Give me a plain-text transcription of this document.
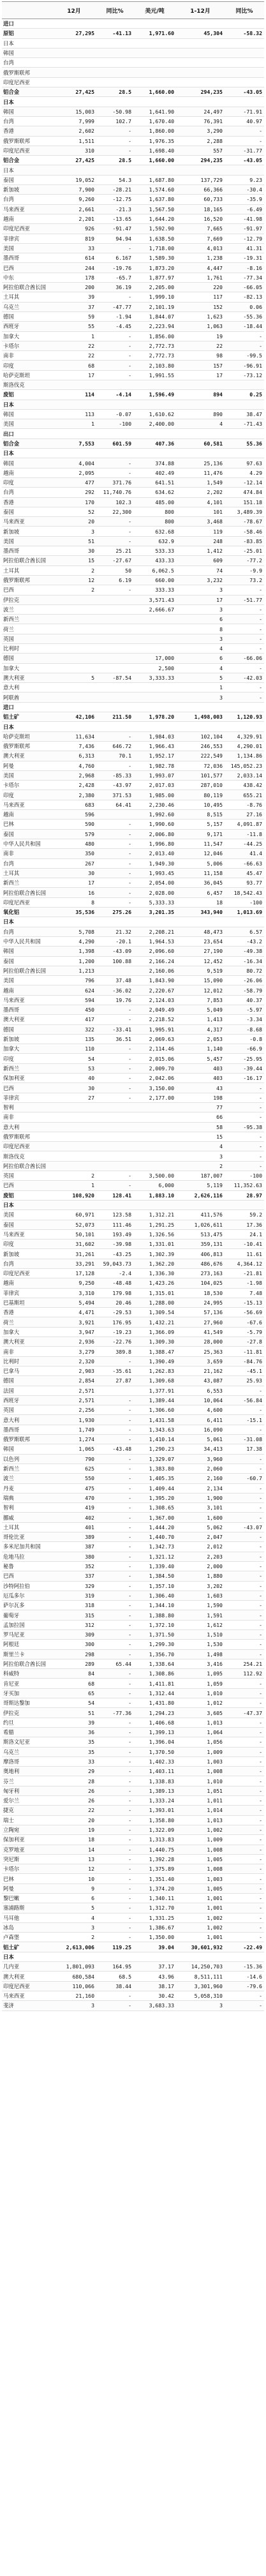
	12月	同比%	美元/吨	1-12月	同比%
进口					
原铝	27,295	-41.13	1,971.60	45,304	-58.32
日本					
韩国					
台湾					
俄罗斯联邦					
印度尼西亚					
铝合金	27,425	28.5	1,660.00	294,235	-43.05
日本					
韩国	15,003	-50.98	1,641.90	24,497	-71.91
台湾	7,999	102.7	1,670.40	76,391	40.97
香港	2,602	-	1,860.00	3,290	-
俄罗斯联邦	1,511	-	1,976.35	2,288	-
印度尼西亚	310	-	1,698.40	557	-31.77
铝合金	27,425	28.5	1,660.00	294,235	-43.05
日本					
泰国	19,052	54.3	1,687.80	137,729	9.23
新加坡	7,900	-28.21	1,574.60	66,366	-30.4
台湾	9,260	-12.75	1,637.80	60,733	-35.9
马来西亚	2,661	-21.3	1,567.50	18,165	-6.49
越南	2,201	-13.65	1,644.20	16,520	-41.98
印度尼西亚	926	-91.47	1,592.90	7,665	-91.97
菲律宾	819	94.94	1,638.50	7,669	-12.79
美国	33	-	1,718.00	4,013	41.31
墨西哥	614	6.167	1,589.30	1,238	-19.31
巴西	244	-19.76	1,873.20	4,447	-8.16
中东	178	-65.7	1,877.97	1,761	-77.34
阿拉伯联合酋长国	200	36.19	2,205.00	220	-66.05
土耳其	39	-	1,999.10	117	-82.13
乌克兰	37	-47.77	2,101.19	152	0.06
德国	59	-1.94	1,844.07	1,623	-55.36
西班牙	55	-4.45	2,223.94	1,063	-18.44
加拿大	1	-	1,856.00	19	-
卡塔尔	22	-	2,772.73	22	-
南非	22	-	2,772.73	98	-99.5
印度	68	-	2,103.80	157	-96.91
哈萨克斯坦	17	-	1,991.55	17	-73.12
斯洛伐克					
废铝	114	-4.14	1,596.49	894	0.25
日本					
韩国	113	-0.07	1,610.62	890	38.47
美国	1	-100	2,400.00	4	-71.43
出口					
铝合金	7,553	601.59	407.36	60,581	55.36
日本					
韩国	4,004	-	374.88	25,136	97.63
越南	2,095	-	402.49	11,476	4.29
印度	477	371.76	641.51	1,549	-12.14
台湾	292	11,740.76	634.62	2,202	474.84
香港	170	102.3	485.00	4,101	151.18
泰国	52	22,300	800	101	3,489.39
马来西亚	20	-	800	3,468	-78.67
新加坡	3	-	632.68	119	-58.46
美国	51	-	632.9	248	-83.85
墨西哥	30	25.21	533.33	1,412	-25.01
阿拉伯联合酋长国	15	-27.67	433.33	609	-77.2
土耳其	2	50	6,062.5	74	-9.9
俄罗斯联邦	12	6.19	660.00	3,232	73.2
巴西	2	-	333.33	3	-
伊拉克			3,571.43	17	-51.77
波兰			2,666.67	3	-
新西兰				6	-
荷兰				8	-
英国				3	-
比利时				4	-
德国			17,000	6	-66.06
加拿大			2,500	4	-
澳大利亚	5	-87.54	3,333.33	5	-42.03
意大利				1	-
阿联酋				3	-
进口					
铝土矿	42,106	211.50	1,978.20	1,498,003	1,120.93
日本					
哈萨克斯坦	11,634	-	1,984.03	102,104	4,329.91
俄罗斯联邦	7,436	646.72	1,966.43	246,553	4,290.01
澳大利亚	6,313	70.1	1,952.17	222,549	1,134.86
阿曼	4,760	-	1,982.78	72,036	145,052.23
美国	2,968	-85.33	1,993.07	101,577	2,033.14
卡塔尔	2,428	-43.97	2,017.03	287,010	438.42
印度	2,380	371.53	1,985.00	80,119	655.21
马来西亚	683	64.41	2,230.46	10,495	-8.76
越南	596		1,992.60	8,515	27.16
巴林	590	-	1,990.60	5,157	4,091.87
泰国	579	-	2,006.80	9,171	-11.8
中华人民共和国	480	-	1,996.80	11,547	-44.25
南非	350	-	2,013.40	12,046	41.4
台湾	267	-	1,949.30	5,006	-66.63
土耳其	30	-	1,993.45	11,158	45.47
新西兰	17	-	2,054.00	36,045	93.77
阿拉伯联合酋长国	16	-	2,028.00	6,457	18,542.43
印度尼西亚	8	-	5,333.33	18	-100
氧化铝	35,536	275.26	3,201.35	343,940	1,013.69
日本					
台湾	5,708	21.32	2,208.21	48,473	6.57
中华人民共和国	4,290	-20.1	1,964.53	23,654	-43.2
韩国	1,398	-43.09	2,096.60	27,190	-49.38
泰国	1,200	100.88	2,166.24	12,452	-16.34
阿拉伯联合酋长国	1,213		2,160.06	9,519	80.72
美国	796	37.48	1,843.90	15,090	-26.06
越南	624	-36.02	2,220.67	12,012	-58.79
马来西亚	594	19.76	2,124.03	7,853	40.37
墨西哥	450	-	2,049.49	5,049	-5.97
澳大利亚	417	-	2,218.52	1,413	-3.34
德国	322	-33.41	1,995.91	4,317	-8.68
新加坡	135	36.51	2,069.63	2,053	-0.8
加拿大	110	-	2,114.46	1,140	-66.9
印度	54	-	2,015.06	5,457	-25.95
新西兰	53	-	2,009.70	403	-39.44
保加利亚	40	-	2,042.06	403	-16.17
巴西	30	-	3,150.00	43	-
菲律宾	27	-	2,177.00	198	-
智利				77	-
南非				66	-
意大利				58	-95.38
俄罗斯联邦				15	-
印度尼西亚				4	-
斯洛伐克				3	-
阿拉伯联合酋长国				2	-
英国	2	-	3,500.00	187,007	-100
巴西	1	-	6,000	5,119	11,352.63
废铝	108,920	128.41	1,883.10	2,626,116	28.97
日本					
美国	60,971	123.58	1,312.21	411,576	59.2
泰国	52,073	111.46	1,291.25	1,026,611	17.36
马来西亚	50,101	193.49	1,326.56	513,475	24.1
印度	31,602	-39.98	1,331.01	359,131	-10.41
新加坡	31,261	-43.25	1,302.39	406,813	11.61
台湾	33,291	59,043.73	1,362.20	486,676	4,364.12
印度尼西亚	17,128	-2.4	1,336.30	273,163	-21.81
越南	9,250	-48.48	1,423.26	104,025	-1.98
菲律宾	3,310	179.98	1,315.01	18,530	7.48
巴基斯坦	5,494	20.46	1,288.00	24,995	-15.13
香港	4,471	-29.53	1,309.54	57,136	-56.69
荷兰	3,921	176.95	1,432.21	27,960	-67.6
加拿大	3,947	-19.23	1,366.09	41,549	-5.79
澳大利亚	2,936	-22.76	1,309.30	28,000	-27.8
南非	3,279	389.8	1,388.47	25,363	-11.81
比利时	2,320	-	1,390.49	3,659	-84.76
巴拿马	2,903	-35.61	1,262.83	21,162	-45.1
德国	2,854	27.87	1,309.68	43,087	25.93
法国	2,571		1,377.91	6,553	-
西班牙	2,571	-	1,389.44	10,064	-56.84
英国	2,256	-	1,306.60	4,600	-
意大利	1,930	-	1,431.58	6,411	-15.1
墨西哥	1,749	-	1,343.63	16,090	-
俄罗斯联邦	1,274	-	1,410.14	5,061	-31.08
韩国	1,065	-43.48	1,290.23	34,413	17.38
以色列	790	-	1,329.07	3,960	-
新西兰	625	-	1,383.80	2,060	-
波兰	550	-	1,405.35	2,160	-60.7
丹麦	475	-	1,409.44	2,134	-
瑞典	470	-	1,395.20	1,900	-
智利	419	-	1,308.65	3,101	-
挪威	402	-	1,367.00	1,600	-
土耳其	401	-	1,444.20	5,062	-43.07
哥伦比亚	389	-	1,440.70	2,047	-
多米尼加共和国	387	-	1,342.73	2,012	-
危地马拉	380	-	1,321.12	2,203	-
秘鲁	352	-	1,339.40	2,000	-
巴西	337	-	1,384.50	1,880	-
沙特阿拉伯	329	-	1,357.10	3,202	-
厄瓜多尔	319	-	1,306.40	1,603	-
萨尔瓦多	318	-	1,344.10	1,590	-
葡萄牙	315	-	1,388.80	1,591	-
孟加拉国	312	-	1,372.10	1,612	-
罗马尼亚	309	-	1,371.50	1,510	-
阿根廷	300	-	1,299.30	1,530	-
斯里兰卡	298	-	1,356.70	1,498	-
阿拉伯联合酋长国	289	65.44	1,338.64	3,416	254.21
科威特	84	-	1,308.86	1,095	112.92
肯尼亚	68	-	1,411.81	1,059	-
牙买加	65	-	1,312.44	1,010	-
哥斯达黎加	54	-	1,431.80	1,012	-
伊拉克	51	-77.36	1,294.23	3,605	-47.37
约旦	39	-	1,406.68	1,013	-
希腊	36	-	1,399.13	1,064	-
斯洛文尼亚	35	-	1,396.04	1,056	-
乌克兰	35	-	1,370.50	1,009	-
摩洛哥	33	-	1,402.33	1,003	-
奥地利	29	-	1,403.11	1,008	-
芬兰	28	-	1,338.83	1,010	-
匈牙利	26	-	1,389.13	1,051	-
爱尔兰	26	-	1,333.24	1,011	-
捷克	22	-	1,393.01	1,014	-
瑞士	20	-	1,358.80	1,013	-
立陶宛	19	-	1,322.09	1,002	-
保加利亚	18	-	1,313.83	1,009	-
克罗地亚	14	-	1,440.75	1,008	-
突尼斯	13	-	1,392.28	1,005	-
卡塔尔	12	-	1,375.89	1,008	-
巴林	10	-	1,351.40	1,003	-
阿曼	9	-	1,374.20	1,005	-
黎巴嫩	6	-	1,340.11	1,001	-
塞浦路斯	5	-	1,312.70	1,001	-
马耳他	4	-	1,331.25	1,002	-
冰岛	3	-	1,386.67	1,002	-
卢森堡	2	-	1,350.00	1,001	-
铝土矿	2,613,006	119.25	39.04	30,601,932	-22.49
日本					
几内亚	1,801,093	164.95	37.17	14,250,703	-15.36
澳大利亚	680,584	68.5	43.96	8,511,111	-14.6
印度尼西亚	110,066	38.44	38.17	3,301,960	-79.6
马来西亚	21,160	-	30.42	5,058,310	-
斐济	3	-	3,683.33	3	-
